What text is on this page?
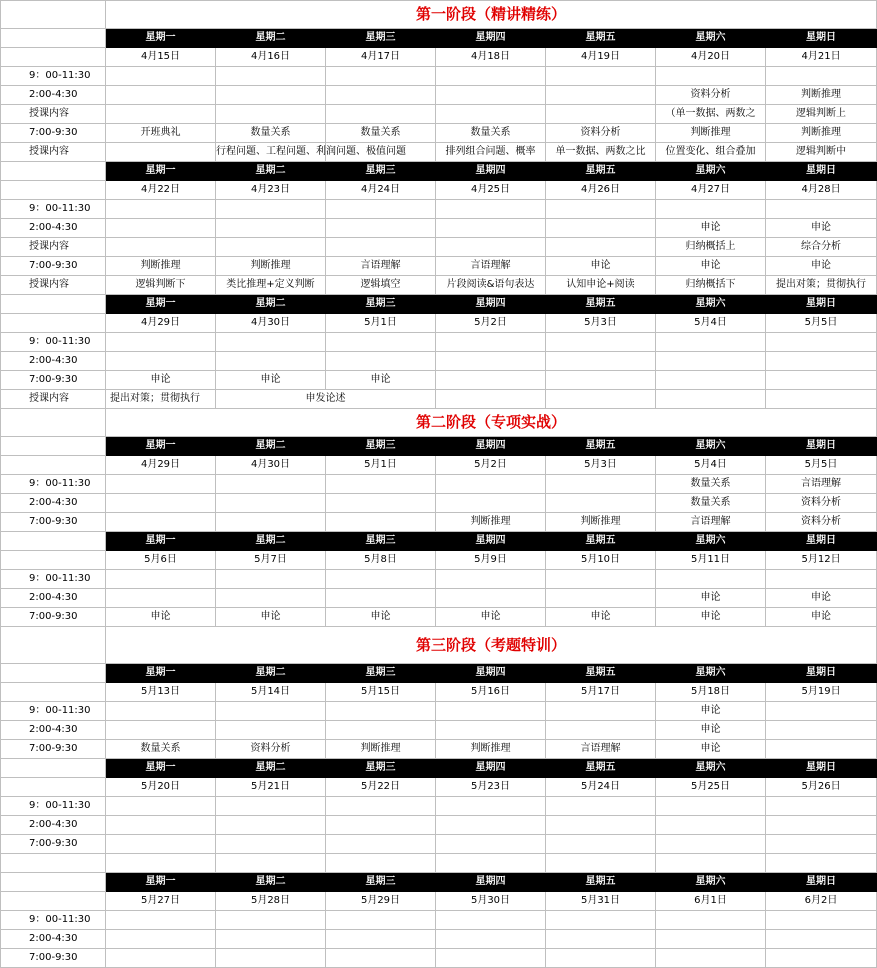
	第一阶段（精讲精练）						
	星期一	星期二	星期三	星期四	星期五	星期六	星期日
	4月15日	4月16日	4月17日	4月18日	4月19日	4月20日	4月21日
9：00-11:30							
2:00-4:30						资料分析	判断推理
授课内容						（单一数据、两数之	逻辑判断上
7:00-9:30	开班典礼	数量关系	数量关系	数量关系	资料分析	判断推理	判断推理
授课内容		行程问题、工程问题、利润问题、极值问题		排列组合问题、概率	单一数据、两数之比	位置变化、组合叠加	逻辑判断中
	星期一	星期二	星期三	星期四	星期五	星期六	星期日
	4月22日	4月23日	4月24日	4月25日	4月26日	4月27日	4月28日
9：00-11:30							
2:00-4:30						申论	申论
授课内容						归纳概括上	综合分析
7:00-9:30	判断推理	判断推理	言语理解	言语理解	申论	申论	申论
授课内容	逻辑判断下	类比推理+定义判断	逻辑填空	片段阅读&语句表达	认知申论+阅读	归纳概括下	提出对策；贯彻执行
	星期一	星期二	星期三	星期四	星期五	星期六	星期日
	4月29日	4月30日	5月1日	5月2日	5月3日	5月4日	5月5日
9：00-11:30							
2:00-4:30							
7:00-9:30	申论	申论	申论				
授课内容	提出对策；贯彻执行	申发论述					
	第二阶段（专项实战）						
	星期一	星期二	星期三	星期四	星期五	星期六	星期日
	4月29日	4月30日	5月1日	5月2日	5月3日	5月4日	5月5日
9：00-11:30						数量关系	言语理解
2:00-4:30						数量关系	资料分析
7:00-9:30				判断推理	判断推理	言语理解	资料分析
	星期一	星期二	星期三	星期四	星期五	星期六	星期日
	5月6日	5月7日	5月8日	5月9日	5月10日	5月11日	5月12日
9：00-11:30							
2:00-4:30						申论	申论
7:00-9:30	申论	申论	申论	申论	申论	申论	申论
	第三阶段（考题特训）						
	星期一	星期二	星期三	星期四	星期五	星期六	星期日
	5月13日	5月14日	5月15日	5月16日	5月17日	5月18日	5月19日
9：00-11:30						申论	
2:00-4:30						申论	
7:00-9:30	数量关系	资料分析	判断推理	判断推理	言语理解	申论	
	星期一	星期二	星期三	星期四	星期五	星期六	星期日
	5月20日	5月21日	5月22日	5月23日	5月24日	5月25日	5月26日
9：00-11:30							
2:00-4:30							
7:00-9:30							

	星期一	星期二	星期三	星期四	星期五	星期六	星期日
	5月27日	5月28日	5月29日	5月30日	5月31日	6月1日	6月2日
9：00-11:30							
2:00-4:30							
7:00-9:30							
